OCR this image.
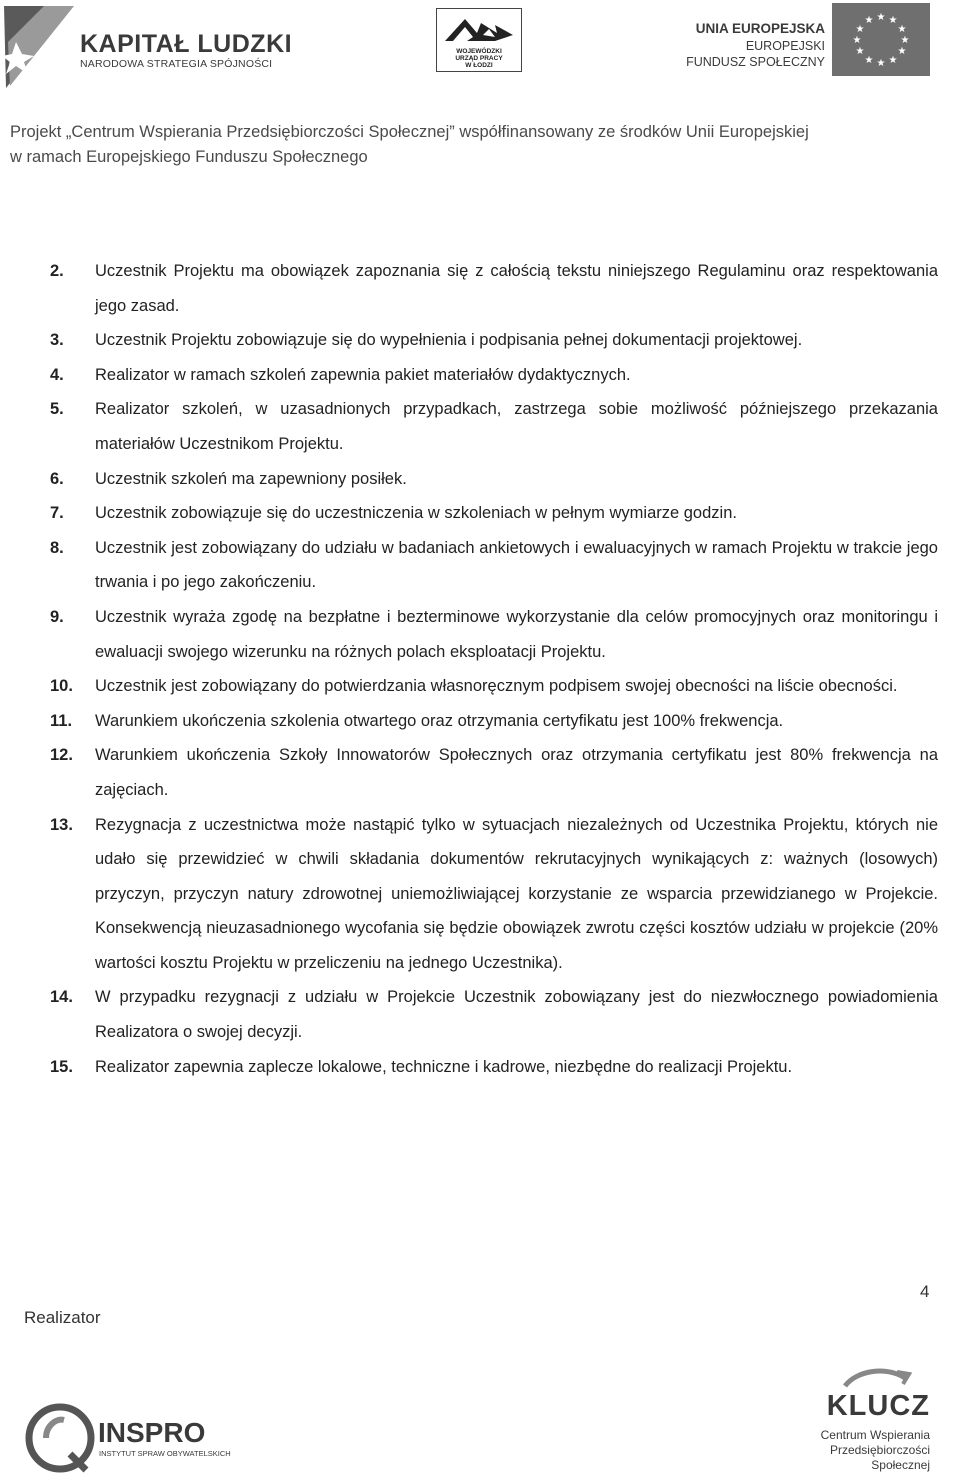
KAPITAŁ LUDZKI
NARODOWA STRATEGIA SPÓJNOŚCI
WOJEWÓDZKI
URZĄD PRACY
W ŁODZI
UNIA EUROPEJSKA
EUROPEJSKI
FUNDUSZ SPOŁECZNY
★ ★
★
★
★
★
★
★
★
★
★
★
Projekt „Centrum Wspierania Przedsiębiorczości Społecznej” współfinansowany ze środków Unii Europejskiej
w ramach Europejskiego Funduszu Społecznego
2.	Uczestnik Projektu ma obowiązek zapoznania się z całością tekstu niniejszego Regulaminu oraz respektowania jego zasad.
3.	Uczestnik Projektu zobowiązuje się do wypełnienia i podpisania pełnej dokumentacji projektowej.
4.	Realizator w ramach szkoleń zapewnia pakiet materiałów dydaktycznych.
5.	Realizator szkoleń, w uzasadnionych przypadkach, zastrzega sobie możliwość późniejszego przekazania materiałów Uczestnikom Projektu.
6.	Uczestnik szkoleń ma zapewniony posiłek.
7.	Uczestnik zobowiązuje się do uczestniczenia w szkoleniach w pełnym wymiarze godzin.
8.	Uczestnik jest zobowiązany do udziału w badaniach ankietowych i ewaluacyjnych w ramach Projektu w trakcie jego trwania i po jego zakończeniu.
9.	Uczestnik wyraża zgodę na bezpłatne i bezterminowe wykorzystanie dla celów promocyjnych oraz monitoringu i ewaluacji swojego wizerunku na różnych polach eksploatacji Projektu.
10.	Uczestnik jest zobowiązany do potwierdzania własnoręcznym podpisem swojej obecności na liście obecności.
11.	Warunkiem ukończenia szkolenia otwartego oraz otrzymania certyfikatu jest 100% frekwencja.
12.	Warunkiem ukończenia Szkoły Innowatorów Społecznych oraz otrzymania certyfikatu jest 80% frekwencja na zajęciach.
13.	Rezygnacja z uczestnictwa może nastąpić tylko w sytuacjach niezależnych od Uczestnika Projektu, których nie udało się przewidzieć w chwili składania dokumentów rekrutacyjnych wynikających z: ważnych (losowych) przyczyn, przyczyn natury zdrowotnej uniemożliwiającej korzystanie ze wsparcia przewidzianego w Projekcie. Konsekwencją nieuzasadnionego wycofania się będzie obowiązek zwrotu części kosztów udziału w projekcie (20% wartości kosztu Projektu w przeliczeniu na jednego Uczestnika).
14.	W przypadku rezygnacji z udziału w Projekcie Uczestnik zobowiązany jest do niezwłocznego powiadomienia Realizatora o swojej decyzji.
15.	Realizator zapewnia zaplecze lokalowe, techniczne i kadrowe, niezbędne do realizacji Projektu.
Realizator
4
INSPRO
INSTYTUT SPRAW OBYWATELSKICH
KLUCZ
Centrum Wspierania
Przedsiębiorczości
Społecznej
